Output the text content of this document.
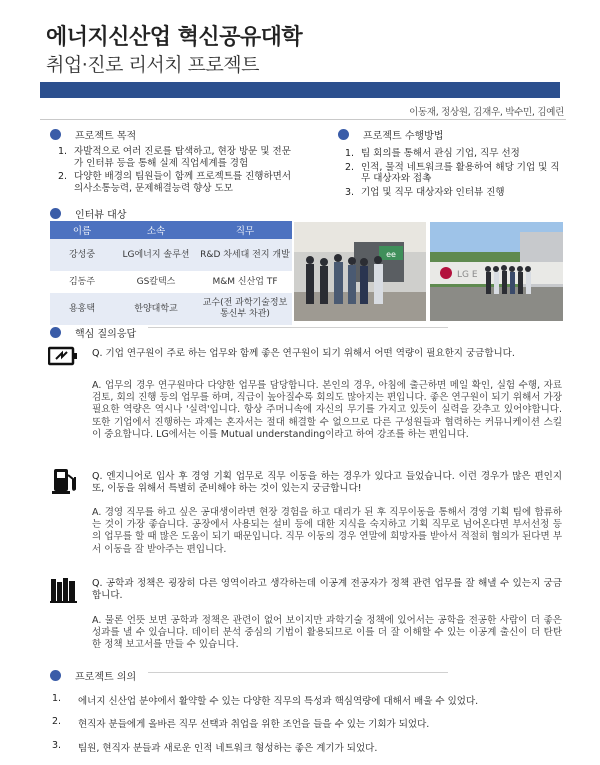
에너지신산업 혁신공유대학
취업·진로 리서치 프로젝트
이동재, 정상원, 김재우, 박수민, 김예린
프로젝트 목적
1. 자발적으로 여러 진로를 탐색하고, 현장 방문 및 전문가 인터뷰 등을 통해 실제 직업세계를 경험
2. 다양한 배경의 팀원들이 함께 프로젝트를 진행하면서 의사소통능력, 문제해결능력 향상 도모
프로젝트 수행방법
1. 팀 회의를 통해서 관심 기업, 직무 선정
2. 인적, 물적 네트워크를 활용하여 해당 기업 및 직무 대상자와 접촉
3. 기업 및 직무 대상자와 인터뷰 진행
인터뷰 대상
이름	소속	직무
강성중	LG에너지 솔루션	R&D 차세대 전지 개발
김동주	GS칼텍스	M&M 신산업 TF
용홍택	한양대학교	교수(전 과학기술정보통신부 차관)
ee
LG E
핵심 질의응답
Q. 기업 연구원이 주로 하는 업무와 함께 좋은 연구원이 되기 위해서 어떤 역량이 필요한지 궁금합니다.
A. 업무의 경우 연구원마다 다양한 업무를 담당합니다. 본인의 경우, 아침에 출근하면 메일 확인, 실험 수행, 자료 검토, 회의 진행 등의 업무를 하며, 직급이 높아질수록 회의도 많아지는 편입니다. 좋은 연구원이 되기 위해서 가장 필요한 역량은 역시나 '실력'입니다. 항상 주머니속에 자신의 무기를 가지고 있듯이 실력을 갖추고 있어야합니다. 또한 기업에서 진행하는 과제는 혼자서는 절대 해결할 수 없으므로 다른 구성원들과 협력하는 커뮤니케이션 스킬이 중요합니다. LG에서는 이를 Mutual understanding이라고 하여 강조를 하는 편입니다.
Q. 엔지니어로 입사 후 경영 기획 업무로 직무 이동을 하는 경우가 있다고 들었습니다. 이런 경우가 많은 편인지 또, 이동을 위해서 특별히 준비해야 하는 것이 있는지 궁금합니다!
A. 경영 직무를 하고 싶은 공대생이라면 현장 경험을 하고 대리가 된 후 직무이동을 통해서 경영 기획 팀에 합류하는 것이 가장 좋습니다. 공장에서 사용되는 설비 등에 대한 지식을 숙지하고 기획 직무로 넘어온다면 부서선정 등의 업무를 할 때 많은 도움이 되기 때문입니다. 직무 이동의 경우 연말에 희망자를 받아서 적절히 협의가 된다면 부서 이동을 잘 받아주는 편입니다.
Q. 공학과 정책은 굉장히 다른 영역이라고 생각하는데 이공계 전공자가 정책 관련 업무를 잘 해낼 수 있는지 궁금합니다.
A. 물론 언뜻 보면 공학과 정책은 관련이 없어 보이지만 과학기술 정책에 있어서는 공학을 전공한 사람이 더 좋은 성과를 낼 수 있습니다. 데이터 분석 중심의 기법이 활용되므로 이를 더 잘 이해할 수 있는 이공계 출신이 더 탄탄한 정책 보고서를 만들 수 있습니다.
프로젝트 의의
1.	에너지 신산업 분야에서 활약할 수 있는 다양한 직무의 특성과 핵심역량에 대해서 배울 수 있었다.
2.	현직자 분들에게 올바른 직무 선택과 취업을 위한 조언을 들을 수 있는 기회가 되었다.
3.	팀원, 현직자 분들과 새로운 인적 네트워크 형성하는 좋은 계기가 되었다.
